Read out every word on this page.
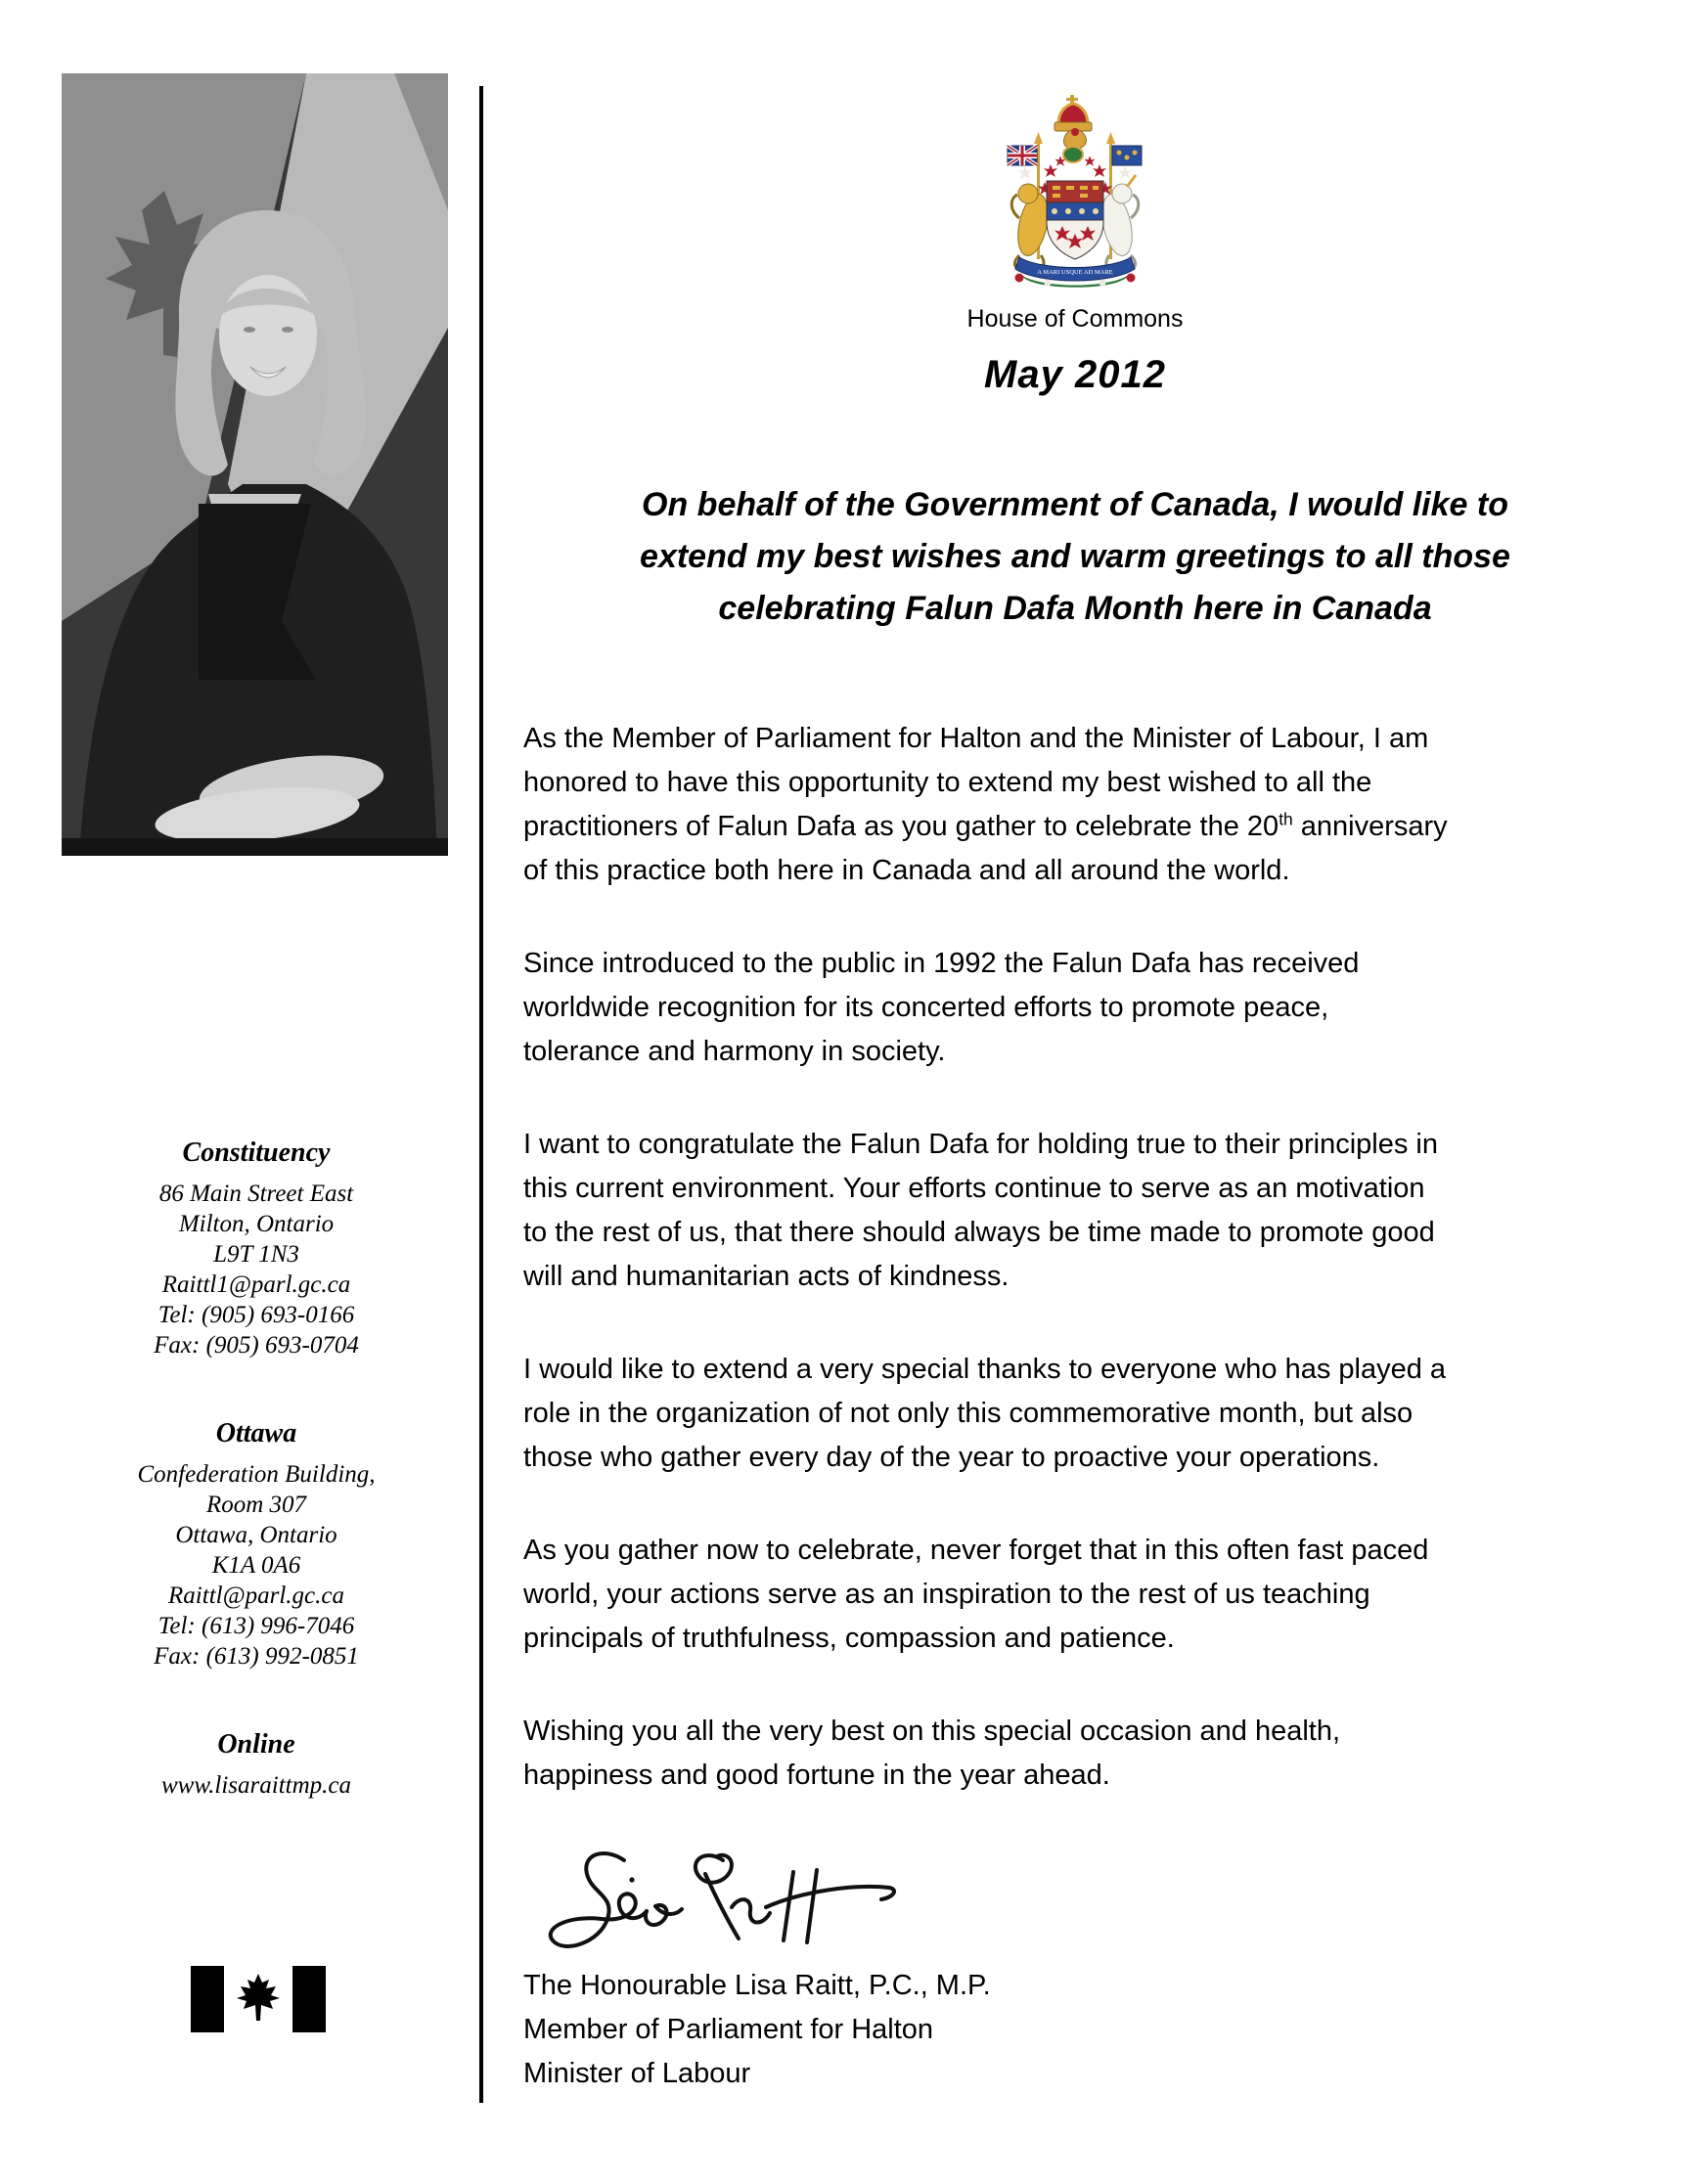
Constituency
86 Main Street East
Milton, Ontario
L9T 1N3
Raittl1@parl.gc.ca
Tel: (905) 693-0166
Fax: (905) 693-0704
Ottawa
Confederation Building,
Room 307
Ottawa, Ontario
K1A 0A6
Raittl@parl.gc.ca
Tel: (613) 996-7046
Fax: (613) 992-0851
Online
www.lisaraittmp.ca
A MARI USQUE AD MARE
House of Commons
May 2012
On behalf of the Government of Canada, I would like to
extend my best wishes and warm greetings to all those
celebrating Falun Dafa Month here in Canada

As the Member of Parliament for Halton and the Minister of Labour, I am
honored to have this opportunity to extend my best wished to all the
practitioners of Falun Dafa as you gather to celebrate the 20th anniversary
of this practice both here in Canada and all around the world.

Since introduced to the public in 1992 the Falun Dafa has received
worldwide recognition for its concerted efforts to promote peace,
tolerance and harmony in society.

I want to congratulate the Falun Dafa for holding true to their principles in
this current environment. Your efforts continue to serve as an motivation
to the rest of us, that there should always be time made to promote good
will and humanitarian acts of kindness.

I would like to extend a very special thanks to everyone who has played a
role in the organization of not only this commemorative month, but also
those who gather every day of the year to proactive your operations.

As you gather now to celebrate, never forget that in this often fast paced
world, your actions serve as an inspiration to the rest of us teaching
principals of truthfulness, compassion and patience.

Wishing you all the very best on this special occasion and health,
happiness and good fortune in the year ahead.

The Honourable Lisa Raitt, P.C., M.P.
Member of Parliament for Halton
Minister of Labour
